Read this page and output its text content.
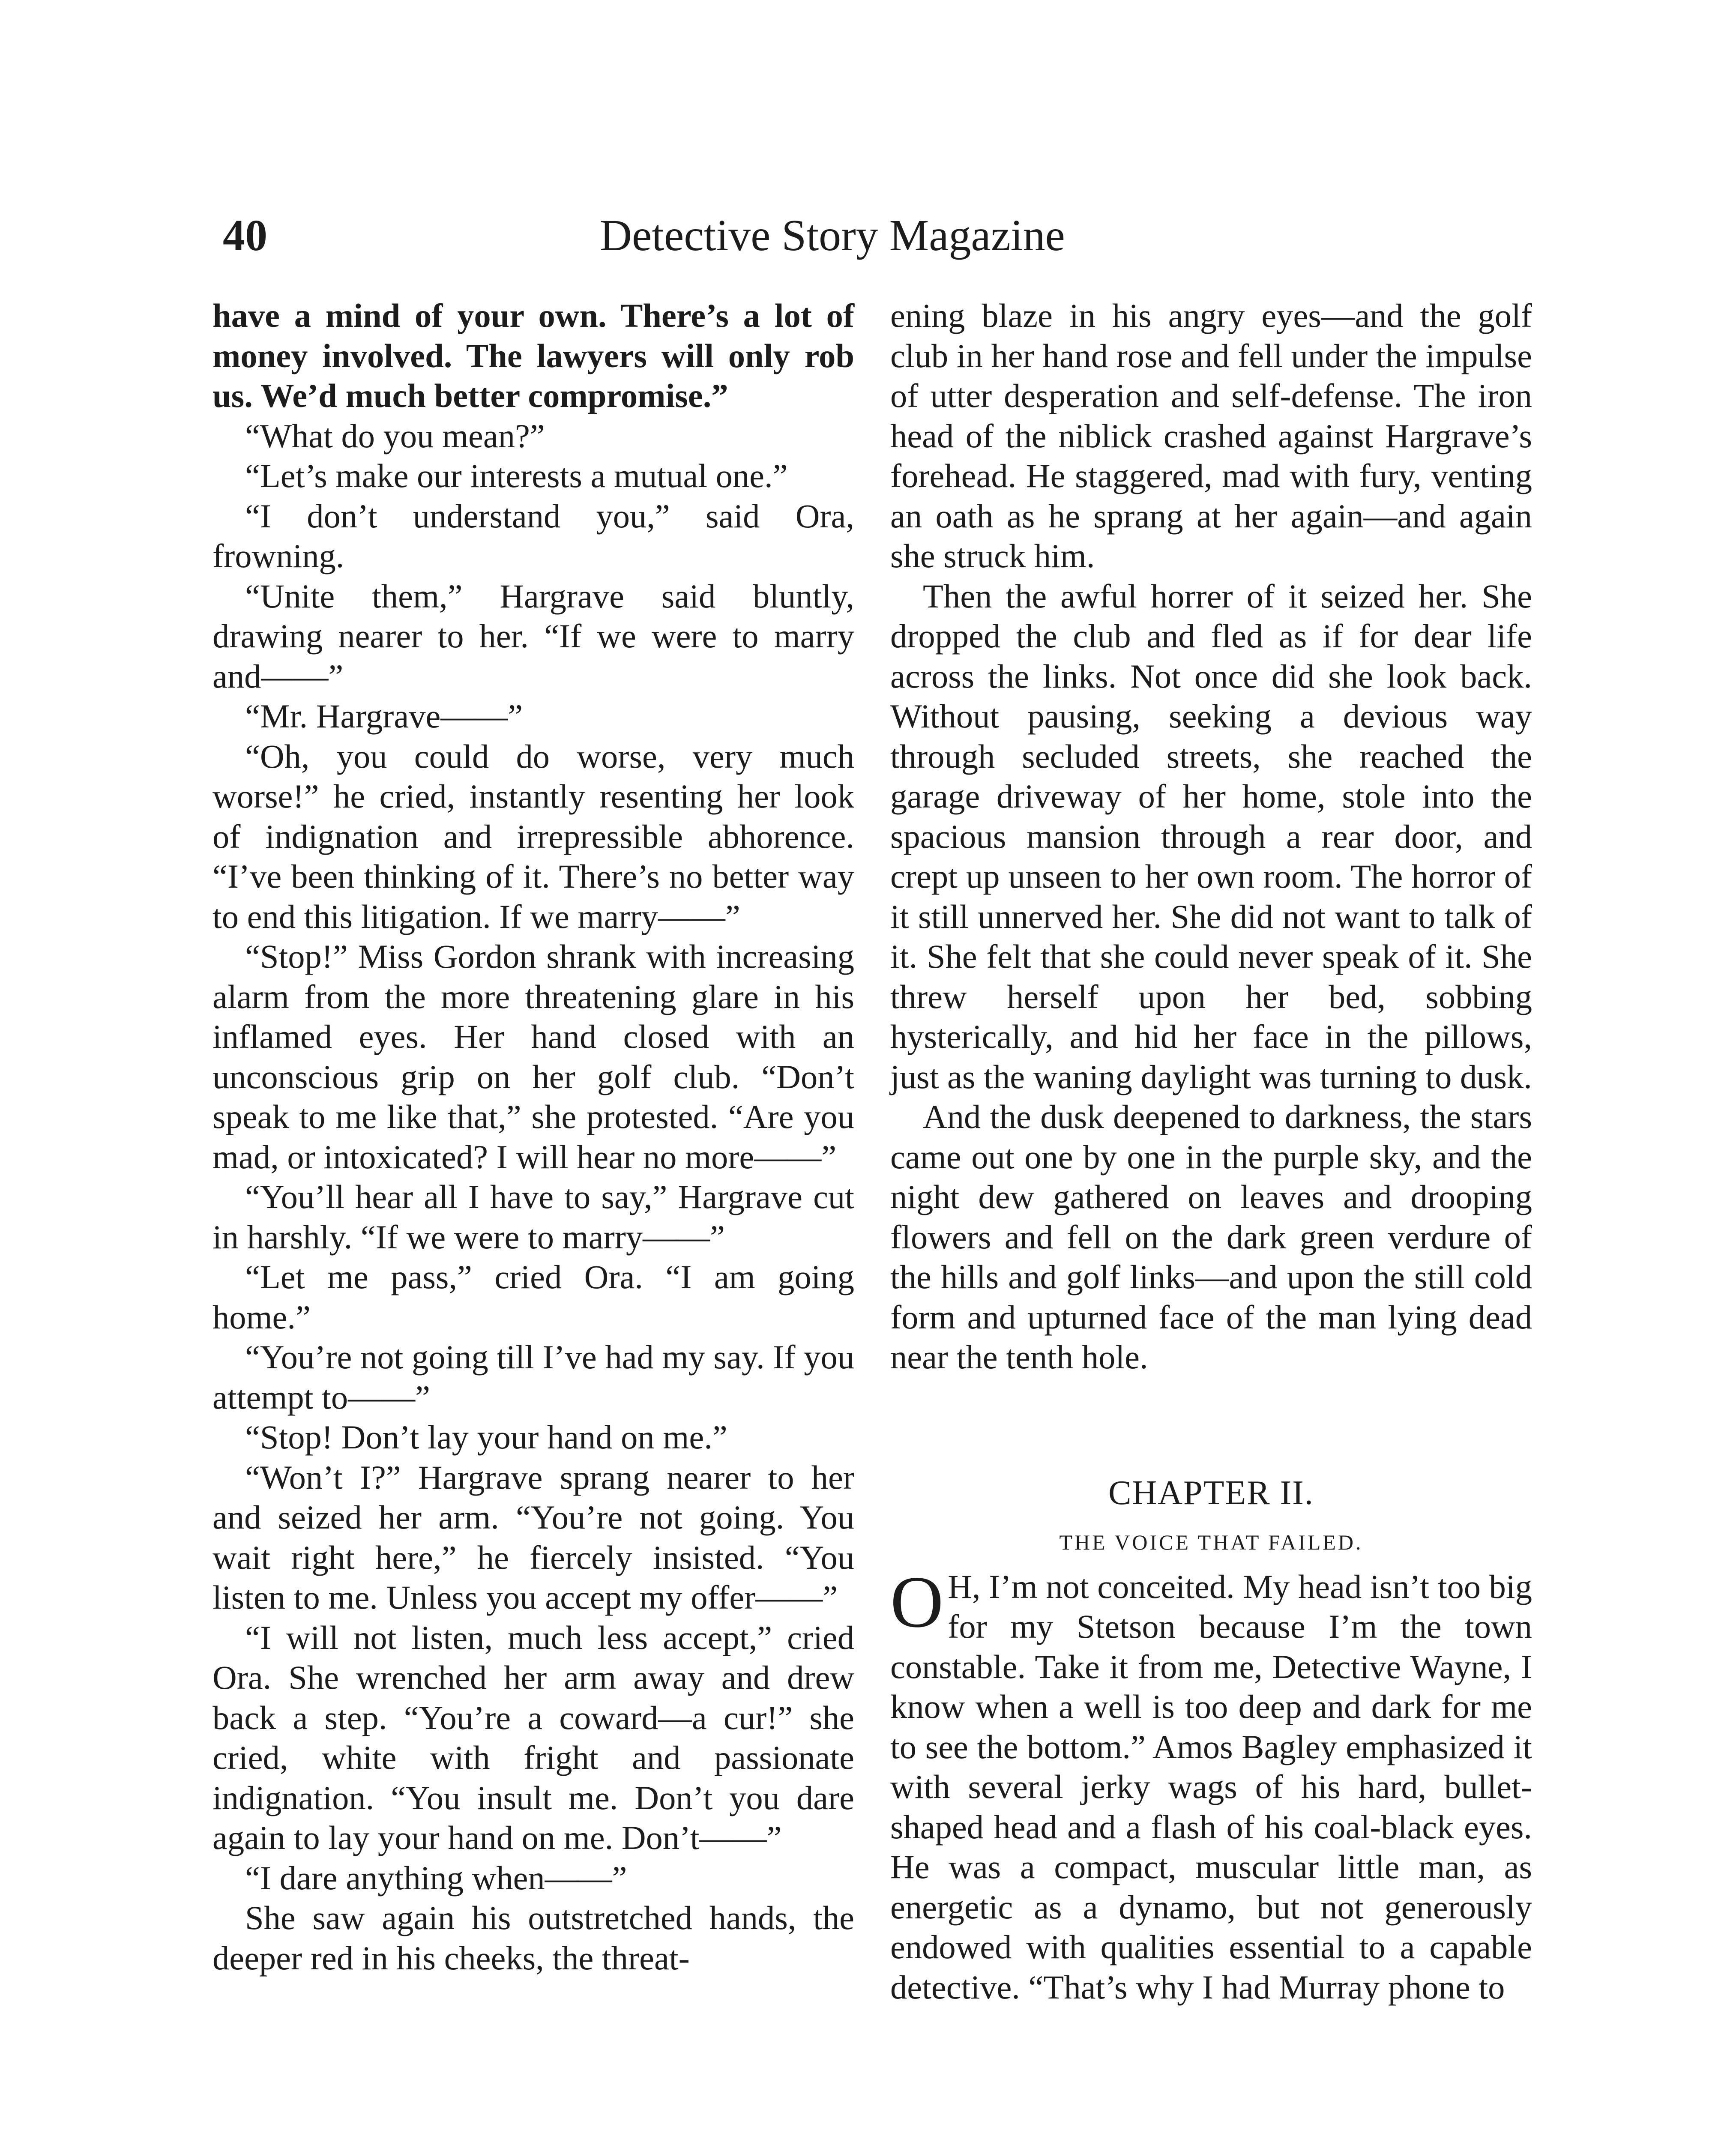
40	Detective Story Magazine

have a mind of your own. There’s a lot of money involved. The lawyers will only rob us. We’d much better compromise.”

“What do you mean?”

“Let’s make our interests a mutual one.”

“I don’t understand you,” said Ora, frowning.

“Unite them,” Hargrave said bluntly, drawing nearer to her. “If we were to marry and——”

“Mr. Hargrave——”

“Oh, you could do worse, very much worse!” he cried, instantly resenting her look of indignation and irrepressible abhorence. “I’ve been thinking of it. There’s no better way to end this litigation. If we marry——”

“Stop!” Miss Gordon shrank with increasing alarm from the more threatening glare in his inflamed eyes. Her hand closed with an unconscious grip on her golf club. “Don’t speak to me like that,” she protested. “Are you mad, or intoxicated? I will hear no more——”

“You’ll hear all I have to say,” Hargrave cut in harshly. “If we were to marry——”

“Let me pass,” cried Ora. “I am going home.”

“You’re not going till I’ve had my say. If you attempt to——”

“Stop! Don’t lay your hand on me.”

“Won’t I?” Hargrave sprang nearer to her and seized her arm. “You’re not going. You wait right here,” he fiercely insisted. “You listen to me. Unless you accept my offer——”

“I will not listen, much less accept,” cried Ora. She wrenched her arm away and drew back a step. “You’re a coward—a cur!” she cried, white with fright and passionate indignation. “You insult me. Don’t you dare again to lay your hand on me. Don’t——”

“I dare anything when——”

She saw again his outstretched hands, the deeper red in his cheeks, the threat-

ening blaze in his angry eyes—and the golf club in her hand rose and fell under the impulse of utter desperation and self-defense. The iron head of the niblick crashed against Hargrave’s forehead. He staggered, mad with fury, venting an oath as he sprang at her again—and again she struck him.

Then the awful horrer of it seized her. She dropped the club and fled as if for dear life across the links. Not once did she look back. Without pausing, seeking a devious way through secluded streets, she reached the garage driveway of her home, stole into the spacious mansion through a rear door, and crept up unseen to her own room. The horror of it still unnerved her. She did not want to talk of it. She felt that she could never speak of it. She threw herself upon her bed, sobbing hysterically, and hid her face in the pillows, just as the waning daylight was turning to dusk.

And the dusk deepened to darkness, the stars came out one by one in the purple sky, and the night dew gathered on leaves and drooping flowers and fell on the dark green verdure of the hills and golf links—and upon the still cold form and upturned face of the man lying dead near the tenth hole.

CHAPTER II.
THE VOICE THAT FAILED.

O H, I’m not conceited. My head isn’t too big for my Stetson because I’m the town constable. Take it from me, Detective Wayne, I know when a well is too deep and dark for me to see the bottom.” Amos Bagley emphasized it with several jerky wags of his hard, bullet-shaped head and a flash of his coal-black eyes. He was a compact, muscular little man, as energetic as a dynamo, but not generously endowed with qualities essential to a capable detective. “That’s why I had Murray phone to
